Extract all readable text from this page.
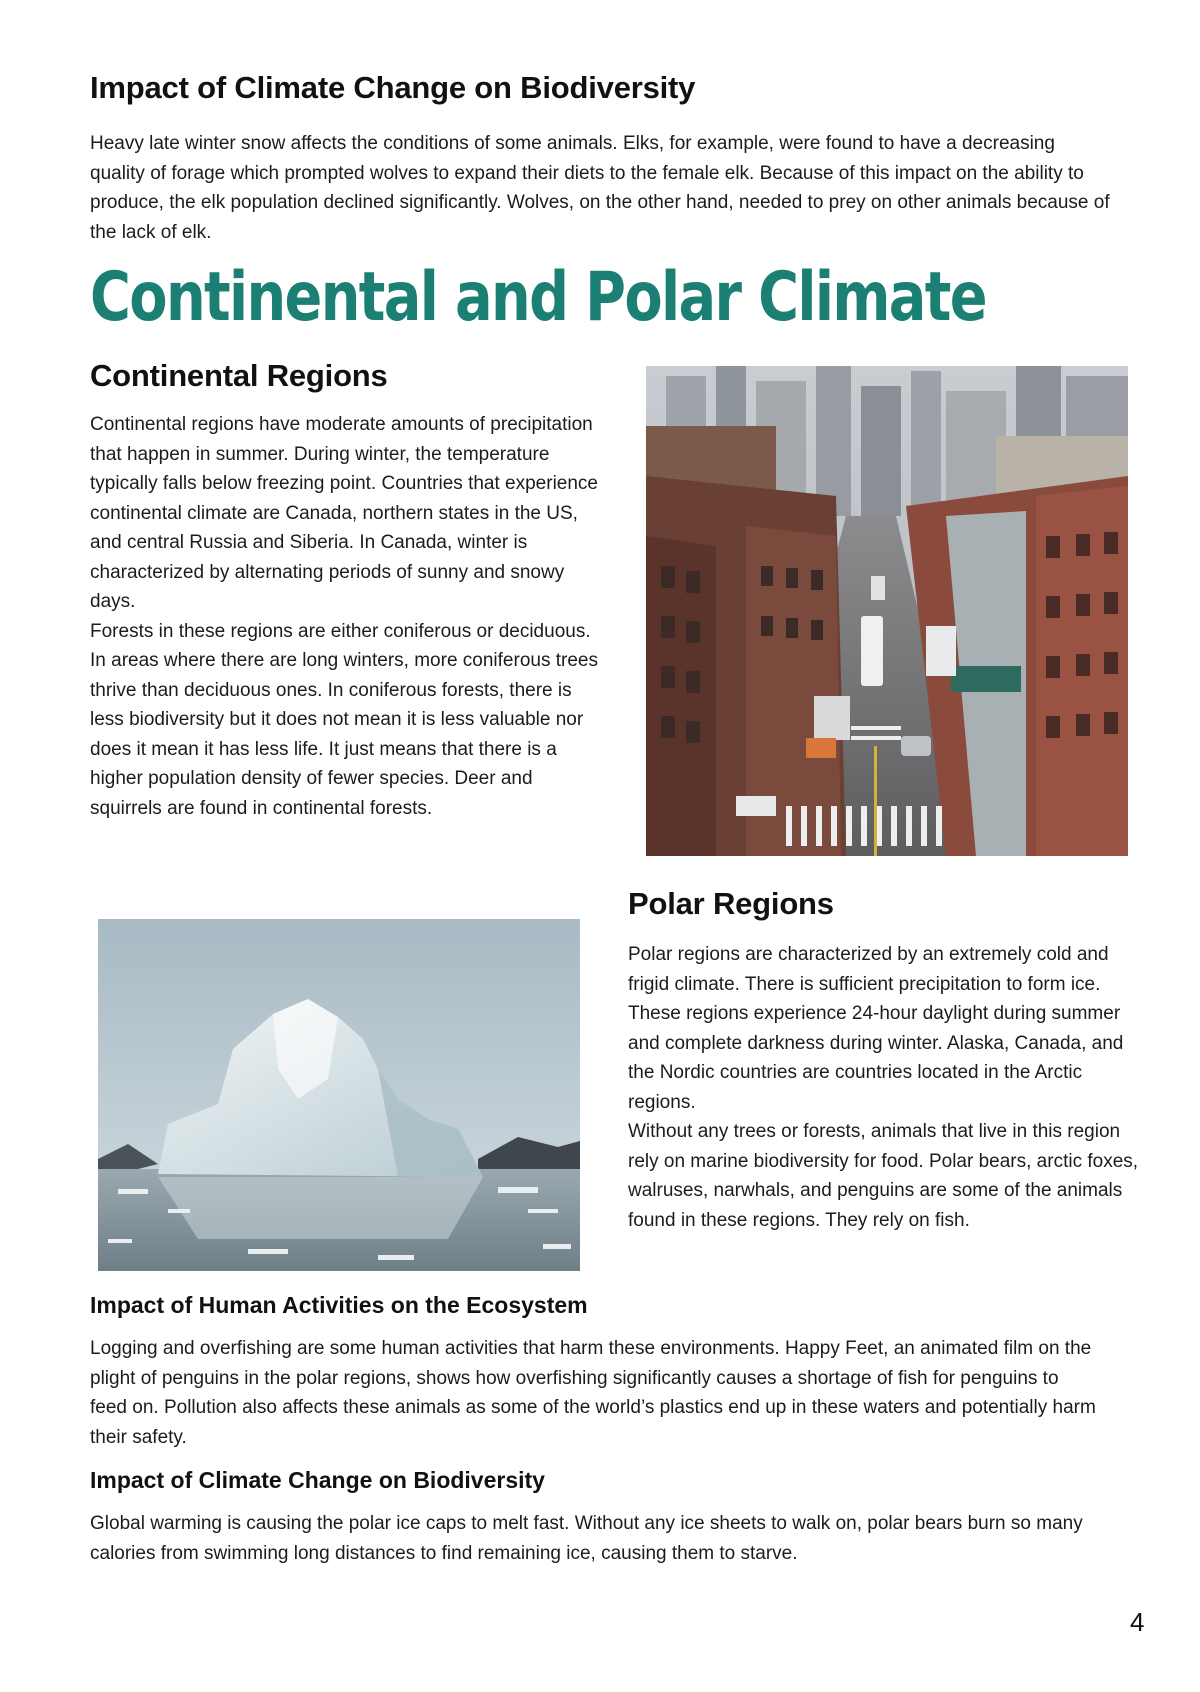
Impact of Climate Change on Biodiversity

Heavy late winter snow affects the conditions of some animals. Elks, for example, were found to have a decreasing quality of forage which prompted wolves to expand their diets to the female elk. Because of this impact on the ability to produce, the elk population declined significantly. Wolves, on the other hand, needed to prey on other animals because of the lack of elk.

Continental and Polar Climate
Continental Regions

Continental regions have moderate amounts of precipitation that happen in summer. During winter, the temperature typically falls below freezing point. Countries that experience continental climate are Canada, northern states in the US, and central Russia and Siberia. In Canada, winter is characterized by alternating periods of sunny and snowy days.

Forests in these regions are either coniferous or deciduous. In areas where there are long winters, more coniferous trees thrive than deciduous ones. In coniferous forests, there is less biodiversity but it does not mean it is less valuable nor does it mean it has less life. It just means that there is a higher population density of fewer species. Deer and squirrels are found in continental forests.

Polar Regions

Polar regions are characterized by an extremely cold and frigid climate. There is sufficient precipitation to form ice. These regions experience 24-hour daylight during summer and complete darkness during winter. Alaska, Canada, and the Nordic countries are countries located in the Arctic regions.

Without any trees or forests, animals that live in this region rely on marine biodiversity for food. Polar bears, arctic foxes, walruses, narwhals, and penguins are some of the animals found in these regions. They rely on fish.

Impact of Human Activities on the Ecosystem

Logging and overfishing are some human activities that harm these environments. Happy Feet, an animated film on the plight of penguins in the polar regions, shows how overfishing significantly causes a shortage of fish for penguins to feed on. Pollution also affects these animals as some of the world’s plastics end up in these waters and potentially harm their safety.

Impact of Climate Change on Biodiversity

Global warming is causing the polar ice caps to melt fast. Without any ice sheets to walk on, polar bears burn so many calories from swimming long distances to find remaining ice, causing them to starve.

4
